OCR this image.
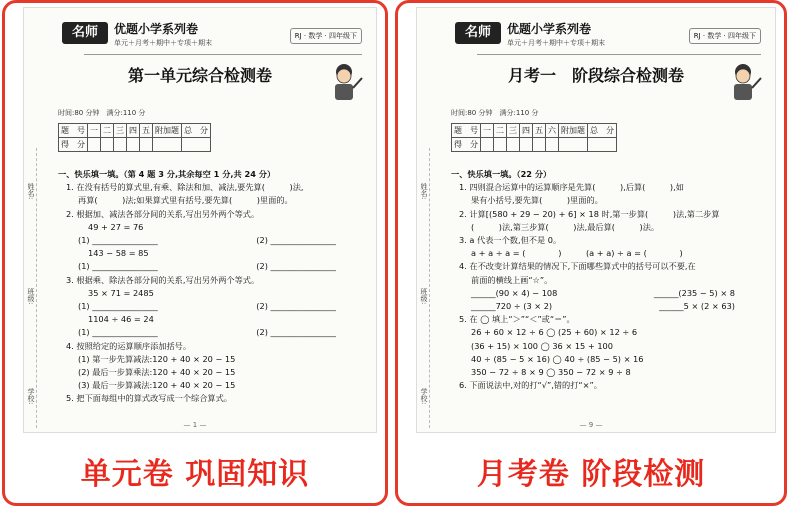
名师	优题小学系列卷
单元＋月考＋期中＋专项＋期末
RJ · 数学 · 四年级下
第一单元综合检测卷
时间:80 分钟　满分:110 分
题　号	一	二	三	四	五	附加题	总　分
得　分							
姓名:
班级:
学校:
一、快乐填一填。（第 4 题 3 分,其余每空 1 分,共 24 分）
1. 在没有括号的算式里,有乘、除法和加、减法,要先算(　　　)法,
再算(　　　)法;如果算式里有括号,要先算(　　　)里面的。
2. 根据加、减法各部分间的关系,写出另外两个等式。
49 + 27 = 76
(1) ________________	(2) ________________
143 − 58 = 85
(1) ________________	(2) ________________
3. 根据乘、除法各部分间的关系,写出另外两个等式。
35 × 71 = 2485
(1) ________________	(2) ________________
1104 ÷ 46 = 24
(1) ________________	(2) ________________
4. 按照给定的运算顺序添加括号。
(1) 第一步先算减法:120 + 40 × 20 − 15
(2) 最后一步算乘法:120 + 40 × 20 − 15
(3) 最后一步算减法:120 + 40 × 20 − 15
5. 把下面每组中的算式改写成一个综合算式。
— 1 —
单元卷 巩固知识
名师	优题小学系列卷
单元＋月考＋期中＋专项＋期末
RJ · 数学 · 四年级下
月考一　阶段综合检测卷
时间:80 分钟　满分:110 分
题　号	一	二	三	四	五	六	附加题	总　分
得　分								
姓名:
班级:
学校:
一、快乐填一填。（22 分）
1. 四则混合运算中的运算顺序是先算(　　　),后算(　　　),如
果有小括号,要先算(　　　)里面的。
2. 计算[(580 + 29 − 20) + 6] × 18 时,第一步算(　　　)法,第二步算
(　　　)法,第三步算(　　　)法,最后算(　　　)法。
3. a 代表一个数,但不是 0。
a + a ÷ a = (　　　　)　　　(a + a) ÷ a = (　　　　)
4. 在不改变计算结果的情况下,下面哪些算式中的括号可以不要,在
前面的横线上画“☆”。
______(90 × 4) − 108	______(235 − 5) × 8
______720 ÷ (3 × 2)	______5 × (2 × 63)
5. 在 ◯ 填上“＞”“＜”或“＝”。
26 + 60 × 12 ÷ 6 ◯ (25 + 60) × 12 ÷ 6
(36 + 15) × 100 ◯ 36 × 15 + 100
40 ÷ (85 − 5 × 16) ◯ 40 ÷ (85 − 5) × 16
350 − 72 ÷ 8 × 9 ◯ 350 − 72 × 9 ÷ 8
6. 下面说法中,对的打“√”,错的打“×”。
— 9 —
月考卷 阶段检测
